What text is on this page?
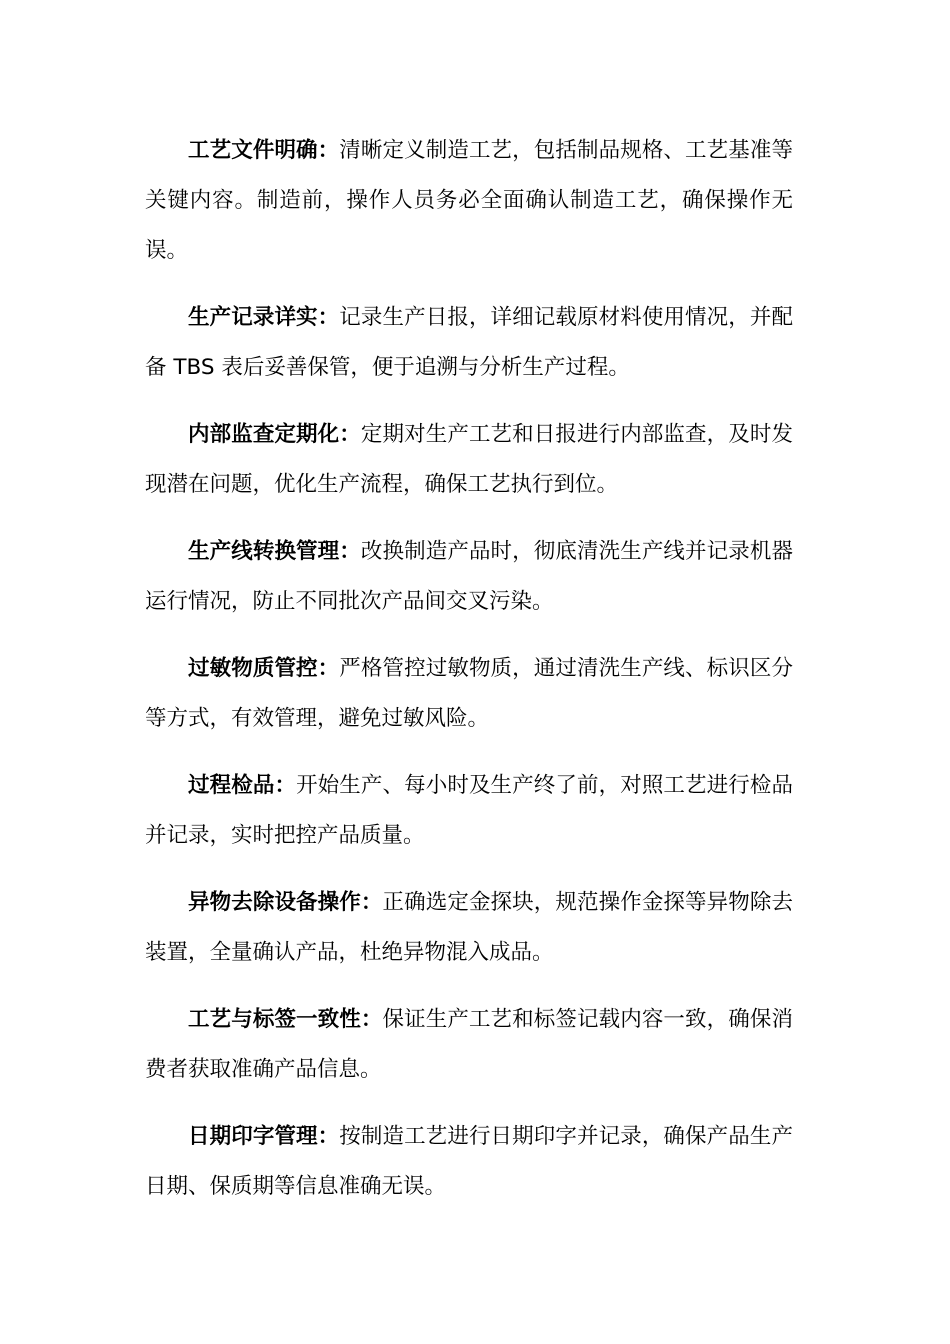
工艺文件明确：清晰定义制造工艺，包括制品规格、工艺基准等关键内容。制造前，操作人员务必全面确认制造工艺，确保操作无误。

生产记录详实：记录生产日报，详细记载原材料使用情况，并配备 TBS 表后妥善保管，便于追溯与分析生产过程。

内部监查定期化：定期对生产工艺和日报进行内部监查，及时发现潜在问题，优化生产流程，确保工艺执行到位。

生产线转换管理：改换制造产品时，彻底清洗生产线并记录机器运行情况，防止不同批次产品间交叉污染。

过敏物质管控：严格管控过敏物质，通过清洗生产线、标识区分等方式，有效管理，避免过敏风险。

过程检品：开始生产、每小时及生产终了前，对照工艺进行检品并记录，实时把控产品质量。

异物去除设备操作：正确选定金探块，规范操作金探等异物除去装置，全量确认产品，杜绝异物混入成品。

工艺与标签一致性：保证生产工艺和标签记载内容一致，确保消费者获取准确产品信息。

日期印字管理：按制造工艺进行日期印字并记录，确保产品生产日期、保质期等信息准确无误。
